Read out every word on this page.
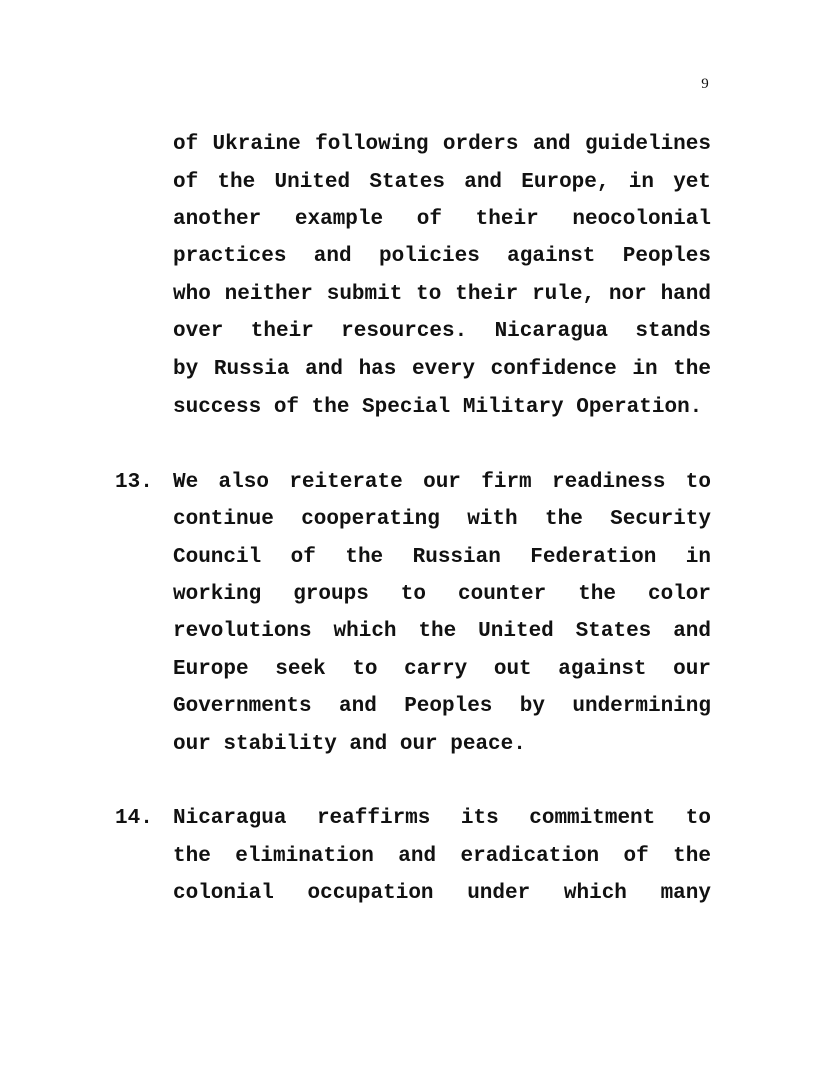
9
of Ukraine following orders and guidelines
of the United States and Europe, in yet
another example of their neocolonial
practices and policies against Peoples
who neither submit to their rule, nor hand
over their resources. Nicaragua stands
by Russia and has every confidence in the
success of the Special Military Operation.
13. We also reiterate our firm readiness to
continue cooperating with the Security
Council of the Russian Federation in
working groups to counter the color
revolutions which the United States and
Europe seek to carry out against our
Governments and Peoples by undermining
our stability and our peace.
14. Nicaragua reaffirms its commitment to
the elimination and eradication of the
colonial occupation under which many
